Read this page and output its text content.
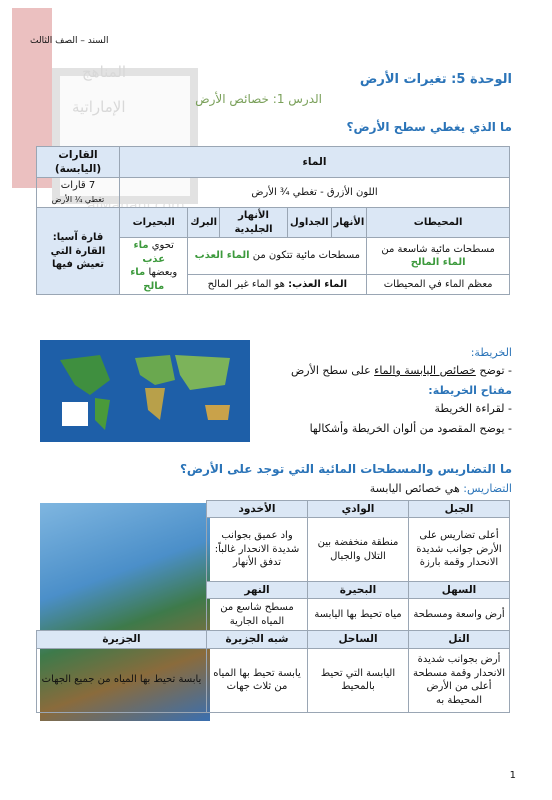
المناهج
الإماراتية
alManahj.com
السند – الصف الثالث
الوحدة 5: تغيرات الأرض
الدرس 1: خصائص الأرض
ما الذي يغطي سطح الأرض؟
الماء						القارات (اليابسة)
اللون الأزرق - تغطي ¾ الأرض						7 قارات
تغطي ¼ الأرض
المحيطات	الأنهار	الجداول	الأنهار الجليدية	البرك	البحيرات	قارة آسيا:
القارة التي تعيش فيها
مسطحات مائية شاسعة من الماء المالح	مسطحات مائية تتكون من الماء العذب				تحوي ماء عذب
وبعضها ماء مالح	
معظم الماء في المحيطات	الماء العذب: هو الماء غير المالح					
الخريطة:
- توضح خصائص اليابسة والماء على سطح الأرض
مفتاح الخريطة:
- لقراءة الخريطة
- يوضح المقصود من ألوان الخريطة وأشكالها
ما التضاريس والمسطحات المائية التي توجد على الأرض؟
التضاريس: هي خصائص اليابسة
الجبل	الوادي	الأخدود	
أعلى تضاريس على الأرض جوانب شديدة الانحدار وقمة بارزة	منطقة منخفضة بين التلال والجبال	واد عميق بجوانب شديدة الانحدار غالباً: تدفق الأنهار	
السهل	البحيرة	النهر	
أرض واسعة ومسطحة	مياه تحيط بها اليابسة	مسطح شاسع من المياه الجارية	
التل	الساحل	شبه الجزيرة	الجزيرة
أرض بجوانب شديدة الانحدار وقمة مسطحة أعلى من الأرض المحيطة به	اليابسة التي تحيط بالمحيط	يابسة تحيط بها المياه من ثلاث جهات	يابسة تحيط بها المياه من جميع الجهات
1
